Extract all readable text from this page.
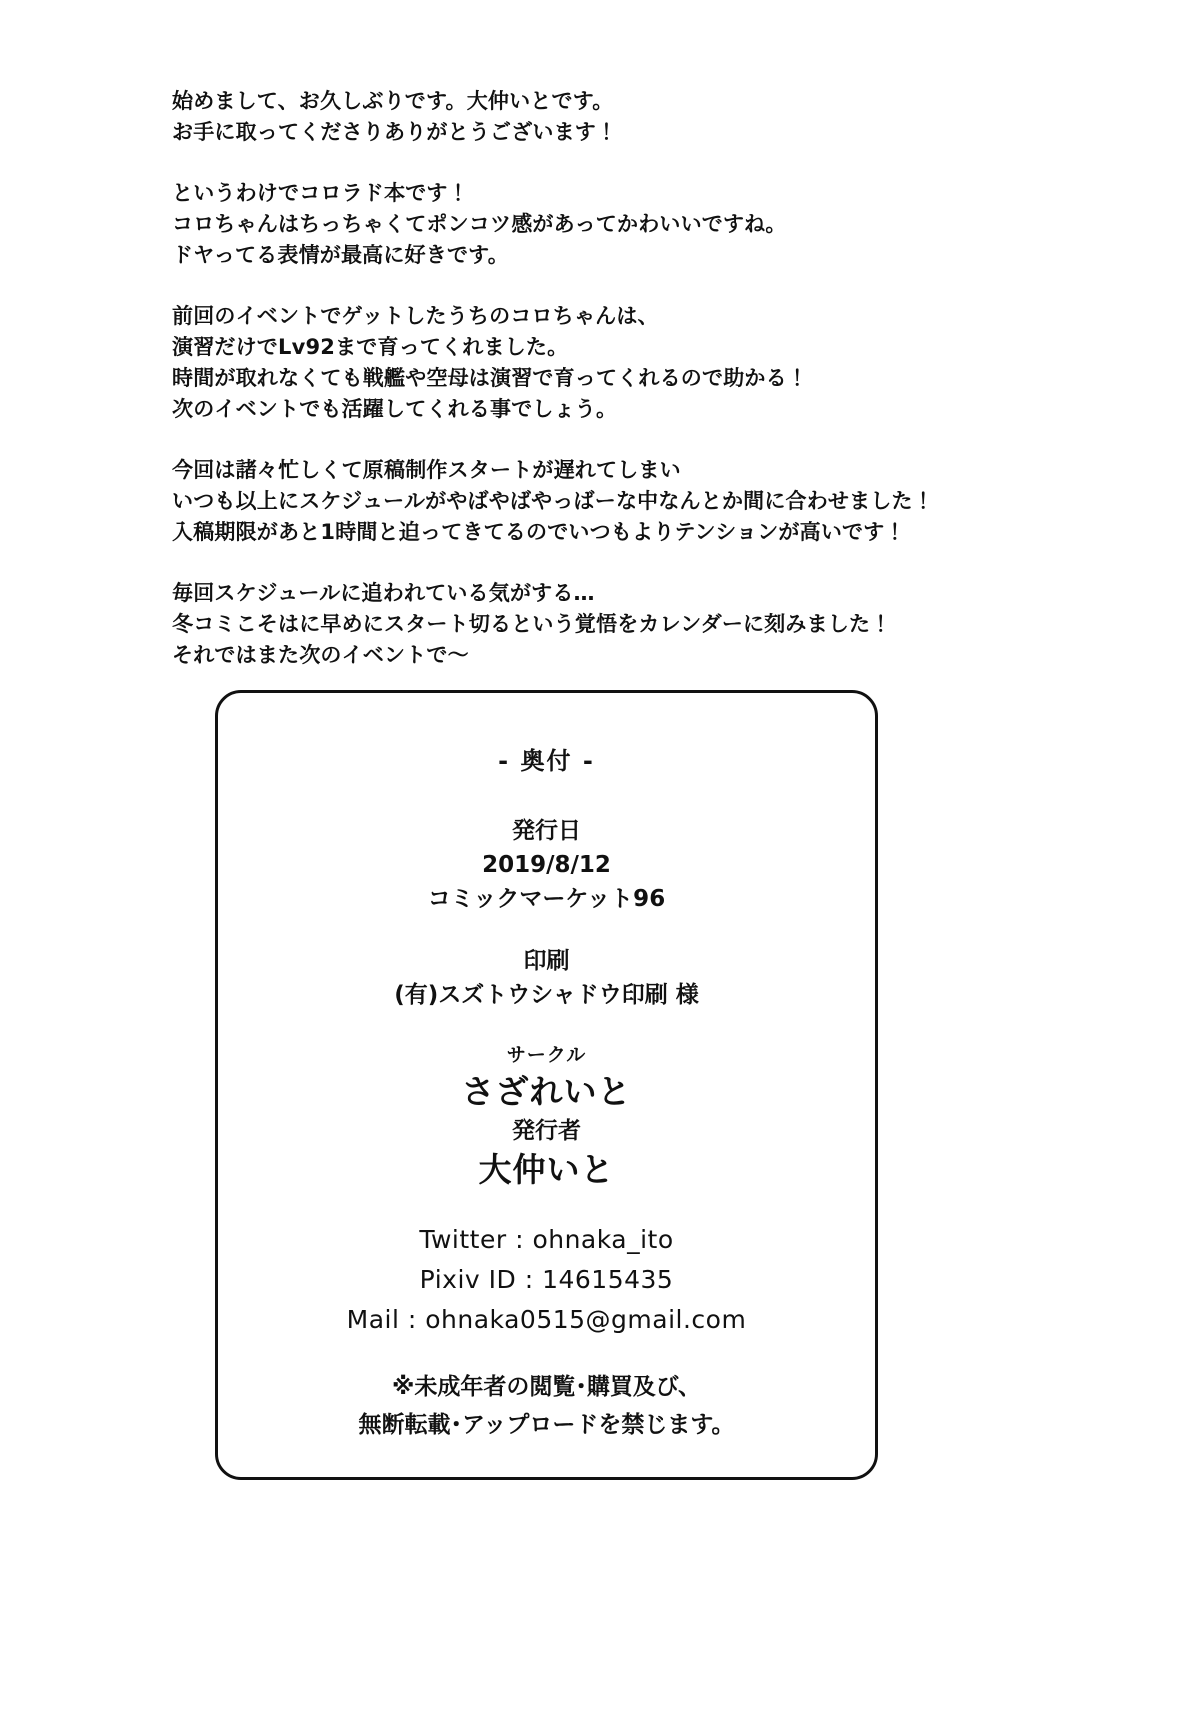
始めまして、お久しぶりです。大仲いとです。
お手に取ってくださりありがとうございます！
というわけでコロラド本です！
コロちゃんはちっちゃくてポンコツ感があってかわいいですね。
ドヤってる表情が最高に好きです。
前回のイベントでゲットしたうちのコロちゃんは、
演習だけでLv92まで育ってくれました。
時間が取れなくても戦艦や空母は演習で育ってくれるので助かる！
次のイベントでも活躍してくれる事でしょう。
今回は諸々忙しくて原稿制作スタートが遅れてしまい
いつも以上にスケジュールがやばやばやっばーな中なんとか間に合わせました！
入稿期限があと1時間と迫ってきてるのでいつもよりテンションが高いです！
毎回スケジュールに追われている気がする…
冬コミこそはに早めにスタート切るという覚悟をカレンダーに刻みました！
それではまた次のイベントで～
- 奥付 -
発行日
2019/8/12
コミックマーケット96
印刷
(有)スズトウシャドウ印刷 様
サークル
さざれいと
発行者
大仲いと
Twitter : ohnaka_ito
Pixiv ID : 14615435
Mail : ohnaka0515@gmail.com
※未成年者の閲覧･購買及び、
無断転載･アップロードを禁じます。
